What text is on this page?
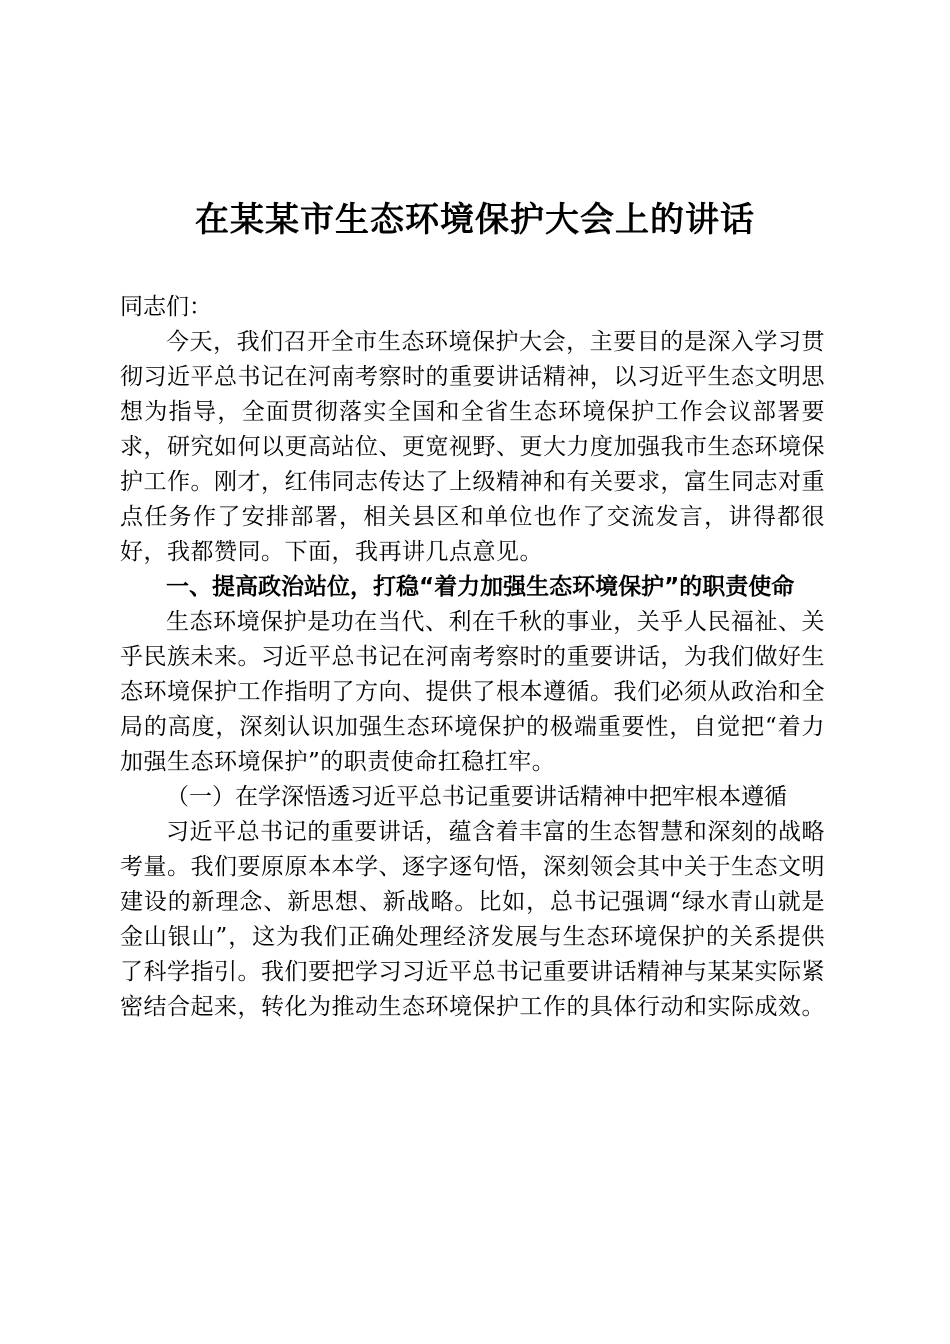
在某某市生态环境保护大会上的讲话

同志们：

今天，我们召开全市生态环境保护大会，主要目的是深入学习贯彻习近平总书记在河南考察时的重要讲话精神，以习近平生态文明思想为指导，全面贯彻落实全国和全省生态环境保护工作会议部署要求，研究如何以更高站位、更宽视野、更大力度加强我市生态环境保护工作。刚才，红伟同志传达了上级精神和有关要求，富生同志对重点任务作了安排部署，相关县区和单位也作了交流发言，讲得都很好，我都赞同。下面，我再讲几点意见。

一、提高政治站位，打稳“着力加强生态环境保护”的职责使命

生态环境保护是功在当代、利在千秋的事业，关乎人民福祉、关乎民族未来。习近平总书记在河南考察时的重要讲话，为我们做好生态环境保护工作指明了方向、提供了根本遵循。我们必须从政治和全局的高度，深刻认识加强生态环境保护的极端重要性，自觉把“着力加强生态环境保护”的职责使命扛稳扛牢。

（一）在学深悟透习近平总书记重要讲话精神中把牢根本遵循

习近平总书记的重要讲话，蕴含着丰富的生态智慧和深刻的战略考量。我们要原原本本学、逐字逐句悟，深刻领会其中关于生态文明建设的新理念、新思想、新战略。比如，总书记强调“绿水青山就是金山银山”，这为我们正确处理经济发展与生态环境保护的关系提供了科学指引。我们要把学习习近平总书记重要讲话精神与某某实际紧密结合起来，转化为推动生态环境保护工作的具体行动和实际成效。
